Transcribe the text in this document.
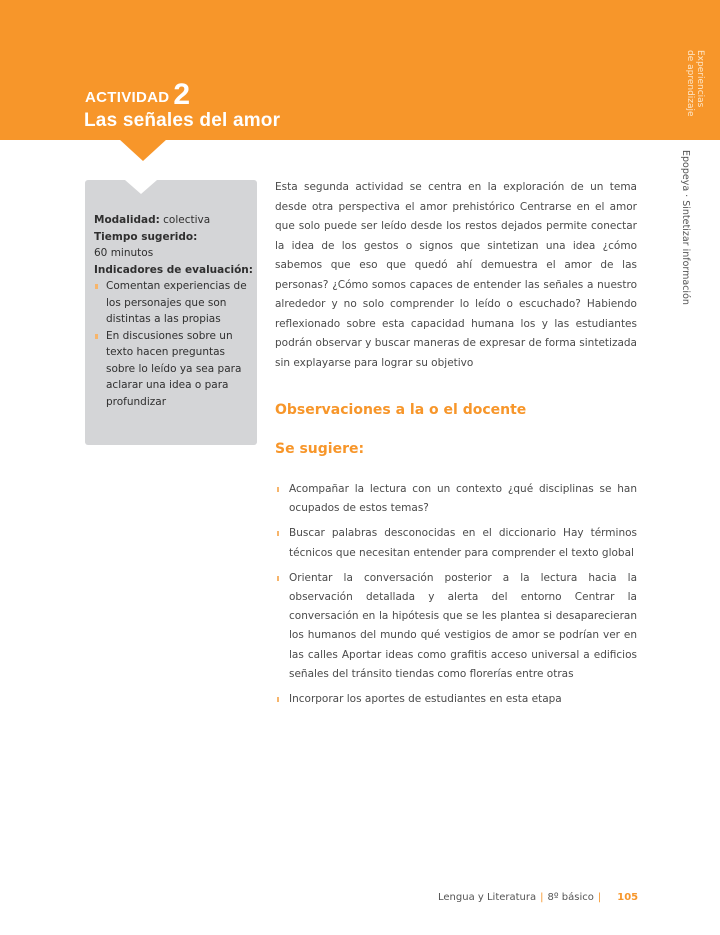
ACTIVIDAD 2
Las señales del amor
Experiencias
de aprendizaje
Epopeya · Sintetizar información
Modalidad: colectiva
Tiempo sugerido:
60 minutos
Indicadores de evaluación:
Comentan experiencias de los personajes que son distintas a las propias
En discusiones sobre un texto hacen preguntas sobre lo leído ya sea para aclarar una idea o para profundizar
Esta segunda actividad se centra en la exploración de un tema desde otra perspectiva el amor prehistórico Centrarse en el amor que solo puede ser leído desde los restos dejados permite conectar la idea de los gestos o signos que sintetizan una idea ¿cómo sabemos que eso que quedó ahí demuestra el amor de las personas? ¿Cómo somos capaces de entender las señales a nuestro alrededor y no solo comprender lo leído o escuchado? Habiendo reflexionado sobre esta capacidad humana los y las estudiantes podrán observar y buscar maneras de expresar de forma sintetizada sin explayarse para lograr su objetivo
Observaciones a la o el docente
Se sugiere:
Acompañar la lectura con un contexto ¿qué disciplinas se han ocupados de estos temas?
Buscar palabras desconocidas en el diccionario Hay términos técnicos que necesitan entender para comprender el texto global
Orientar la conversación posterior a la lectura hacia la observación detallada y alerta del entorno Centrar la conversación en la hipótesis que se les plantea si desaparecieran los humanos del mundo qué vestigios de amor se podrían ver en las calles Aportar ideas como grafitis acceso universal a edificios señales del tránsito tiendas como florerías entre otras
Incorporar los aportes de estudiantes en esta etapa
Lengua y Literatura | 8º básico | 105
